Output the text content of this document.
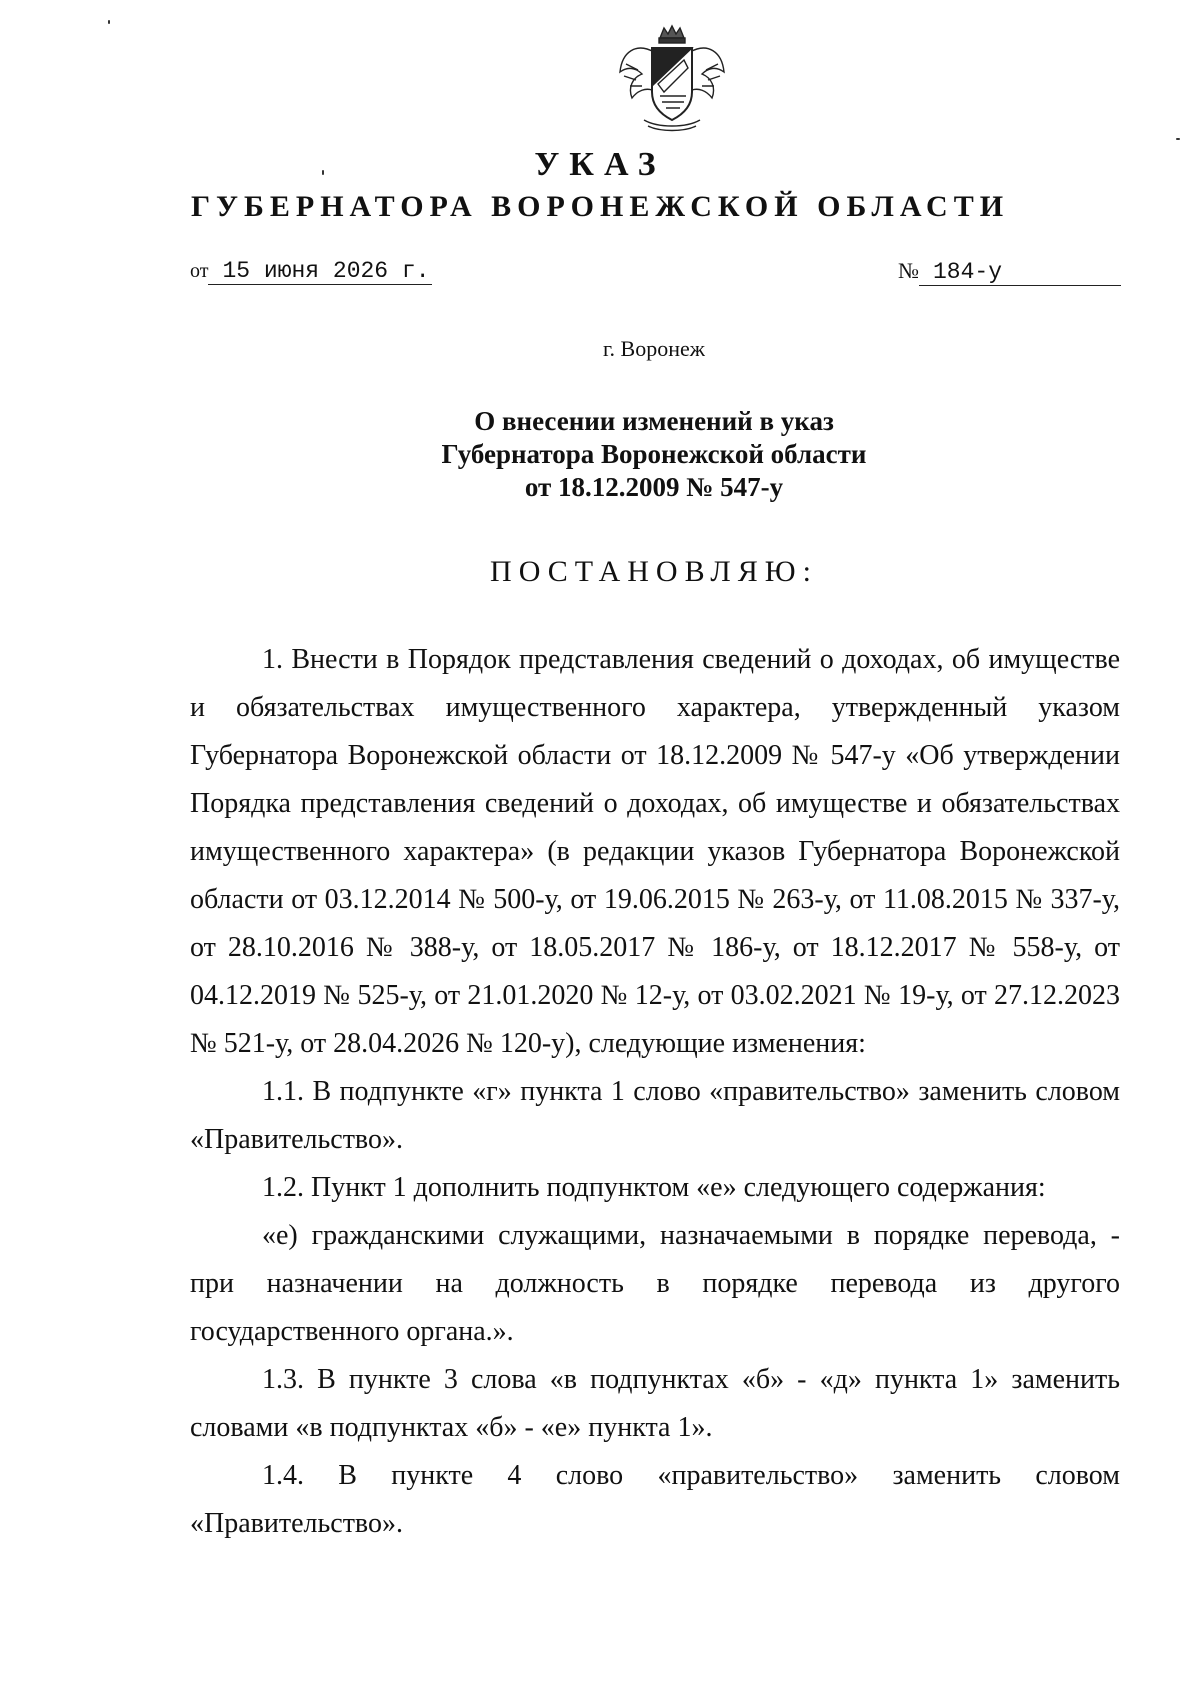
УКАЗ
ГУБЕРНАТОРА ВОРОНЕЖСКОЙ ОБЛАСТИ
от 15 июня 2026 г.	№ 184-у
г. Воронеж
О внесении изменений в указ
Губернатора Воронежской области
от 18.12.2009 № 547-у
ПОСТАНОВЛЯЮ:

1. Внести в Порядок представления сведений о доходах, об имуществе и обязательствах имущественного характера, утвержденный указом Губернатора Воронежской области от 18.12.2009 № 547-у «Об утверждении Порядка представления сведений о доходах, об имуществе и обязательствах имущественного характера» (в редакции указов Губернатора Воронежской области от 03.12.2014 № 500-у, от 19.06.2015 № 263-у, от 11.08.2015 № 337-у, от 28.10.2016 № 388-у, от 18.05.2017 № 186-у, от 18.12.2017 № 558-у, от 04.12.2019 № 525-у, от 21.01.2020 № 12-у, от 03.02.2021 № 19-у, от 27.12.2023 № 521-у, от 28.04.2026 № 120-у), следующие изменения:

1.1. В подпункте «г» пункта 1 слово «правительство» заменить словом «Правительство».

1.2. Пункт 1 дополнить подпунктом «е» следующего содержания:

«е) гражданскими служащими, назначаемыми в порядке перевода, - при назначении на должность в порядке перевода из другого государственного органа.».

1.3. В пункте 3 слова «в подпунктах «б» - «д» пункта 1» заменить словами «в подпунктах «б» - «е» пункта 1».

1.4. В пункте 4 слово «правительство» заменить словом «Правительство».
